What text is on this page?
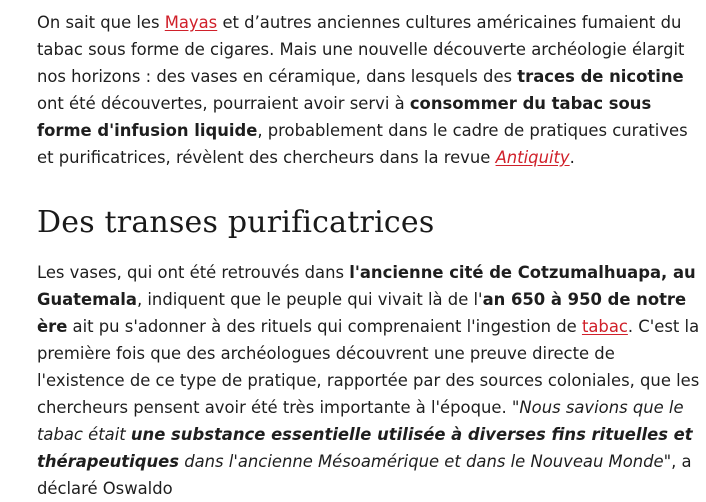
On sait que les Mayas et d’autres anciennes cultures américaines fumaient du tabac sous forme de cigares. Mais une nouvelle découverte archéologie élargit nos horizons : des vases en céramique, dans lesquels des traces de nicotine ont été découvertes, pourraient avoir servi à consommer du tabac sous forme d'infusion liquide, probablement dans le cadre de pratiques curatives et purificatrices, révèlent des chercheurs dans la revue Antiquity.

Des transes purificatrices

Les vases, qui ont été retrouvés dans l'ancienne cité de Cotzumalhuapa, au Guatemala, indiquent que le peuple qui vivait là de l'an 650 à 950 de notre ère ait pu s'adonner à des rituels qui comprenaient l'ingestion de tabac. C'est la première fois que des archéologues découvrent une preuve directe de l'existence de ce type de pratique, rapportée par des sources coloniales, que les chercheurs pensent avoir été très importante à l'époque. "Nous savions que le tabac était une substance essentielle utilisée à diverses fins rituelles et thérapeutiques dans l'ancienne Mésoamérique et dans le Nouveau Monde", a déclaré Oswaldo
